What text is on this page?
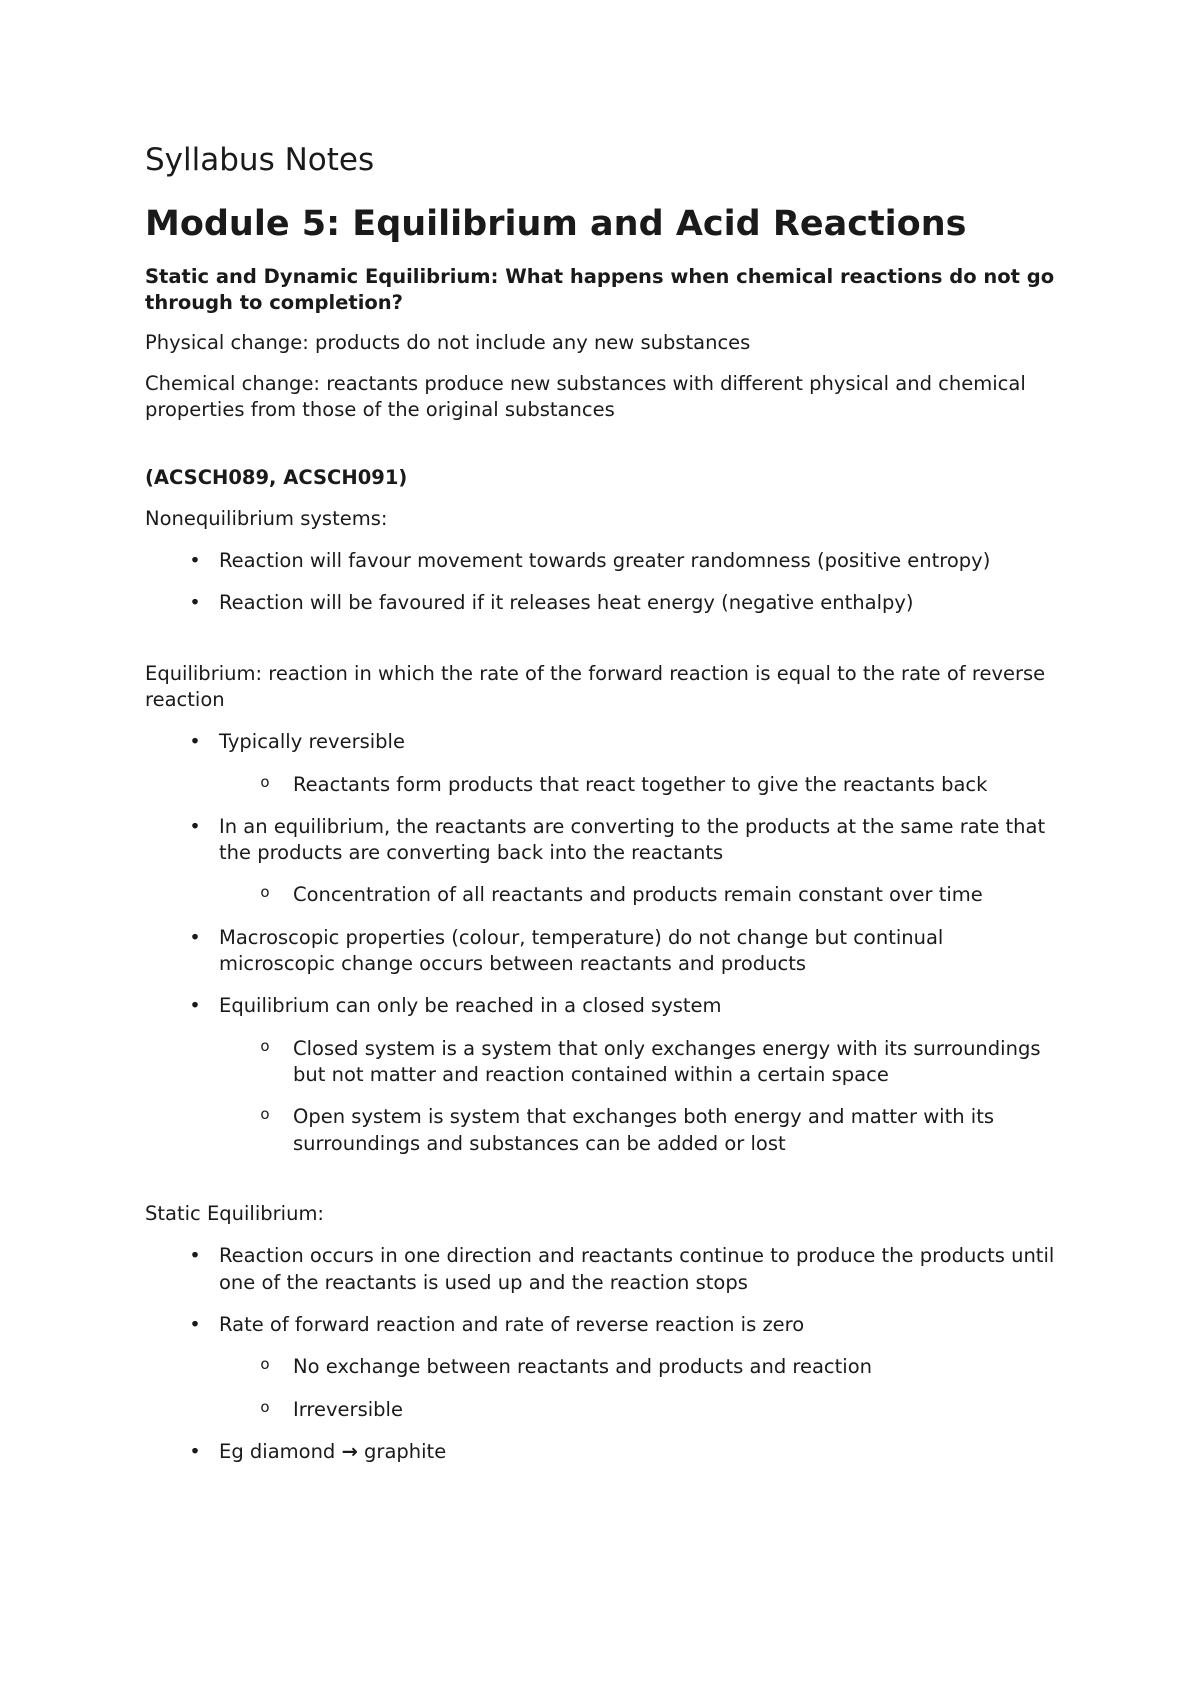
Syllabus Notes
Module 5: Equilibrium and Acid Reactions
Static and Dynamic Equilibrium: What happens when chemical reactions do not go through to completion?

Physical change: products do not include any new substances

Chemical change: reactants produce new substances with different physical and chemical properties from those of the original substances

(ACSCH089, ACSCH091)

Nonequilibrium systems:

• Reaction will favour movement towards greater randomness (positive entropy)
• Reaction will be favoured if it releases heat energy (negative enthalpy)

Equilibrium: reaction in which the rate of the forward reaction is equal to the rate of reverse reaction

• Typically reversible
o Reactants form products that react together to give the reactants back
• In an equilibrium, the reactants are converting to the products at the same rate that the products are converting back into the reactants
o Concentration of all reactants and products remain constant over time
• Macroscopic properties (colour, temperature) do not change but continual microscopic change occurs between reactants and products
• Equilibrium can only be reached in a closed system
o Closed system is a system that only exchanges energy with its surroundings but not matter and reaction contained within a certain space
o Open system is system that exchanges both energy and matter with its surroundings and substances can be added or lost

Static Equilibrium:

• Reaction occurs in one direction and reactants continue to produce the products until one of the reactants is used up and the reaction stops
• Rate of forward reaction and rate of reverse reaction is zero
o No exchange between reactants and products and reaction
o Irreversible
• Eg diamond → graphite
